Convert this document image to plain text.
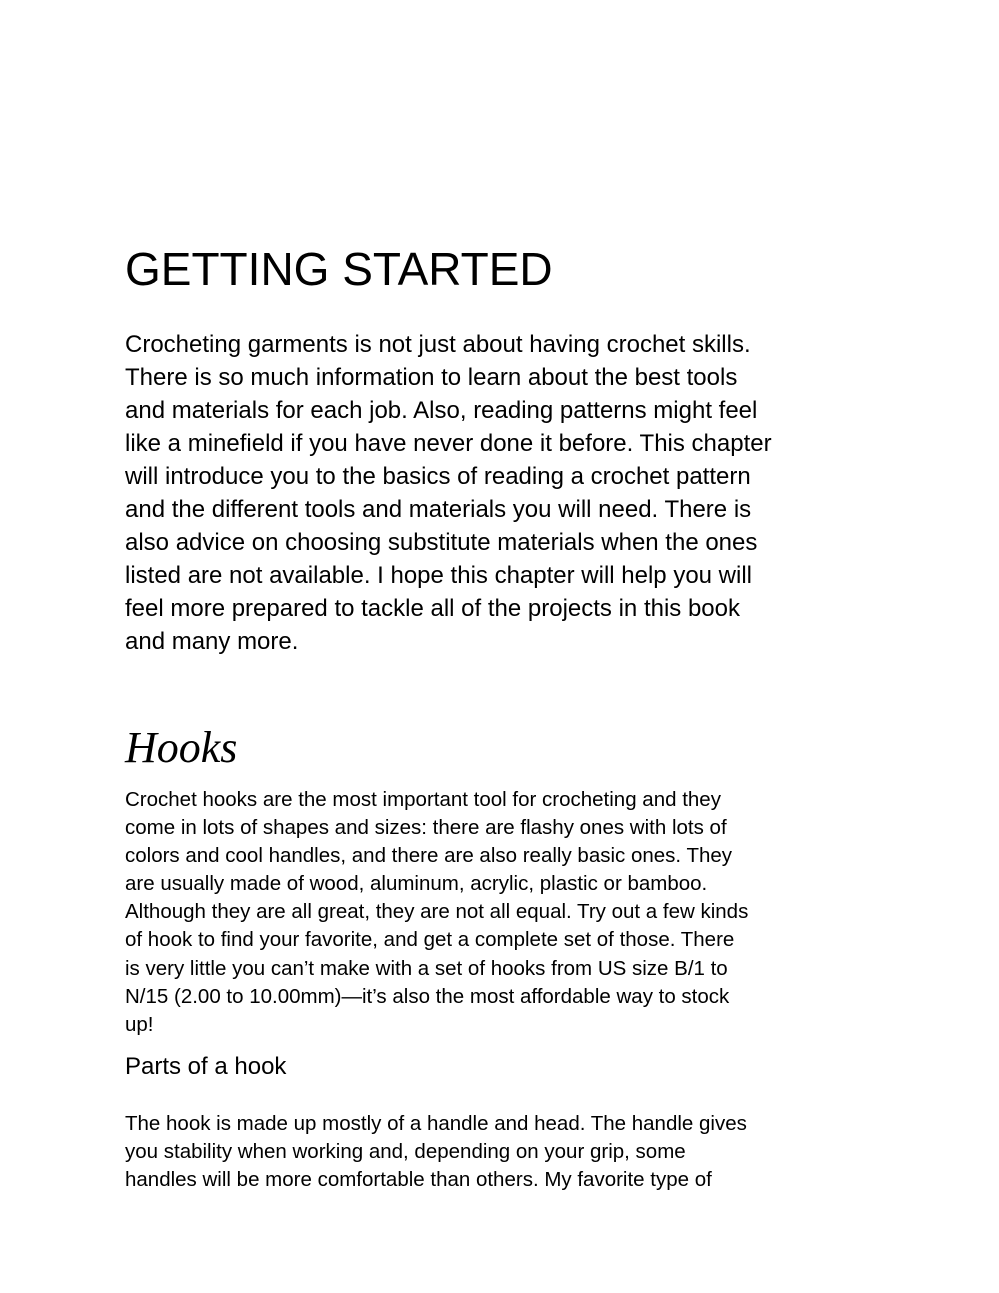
GETTING STARTED
Crocheting garments is not just about having crochet skills.
There is so much information to learn about the best tools
and materials for each job. Also, reading patterns might feel
like a minefield if you have never done it before. This chapter
will introduce you to the basics of reading a crochet pattern
and the different tools and materials you will need. There is
also advice on choosing substitute materials when the ones
listed are not available. I hope this chapter will help you will
feel more prepared to tackle all of the projects in this book
and many more.
Hooks
Crochet hooks are the most important tool for crocheting and they
come in lots of shapes and sizes: there are flashy ones with lots of
colors and cool handles, and there are also really basic ones. They
are usually made of wood, aluminum, acrylic, plastic or bamboo.
Although they are all great, they are not all equal. Try out a few kinds
of hook to find your favorite, and get a complete set of those. There
is very little you can’t make with a set of hooks from US size B/1 to
N/15 (2.00 to 10.00mm)—it’s also the most affordable way to stock
up!
Parts of a hook
The hook is made up mostly of a handle and head. The handle gives
you stability when working and, depending on your grip, some
handles will be more comfortable than others. My favorite type of
